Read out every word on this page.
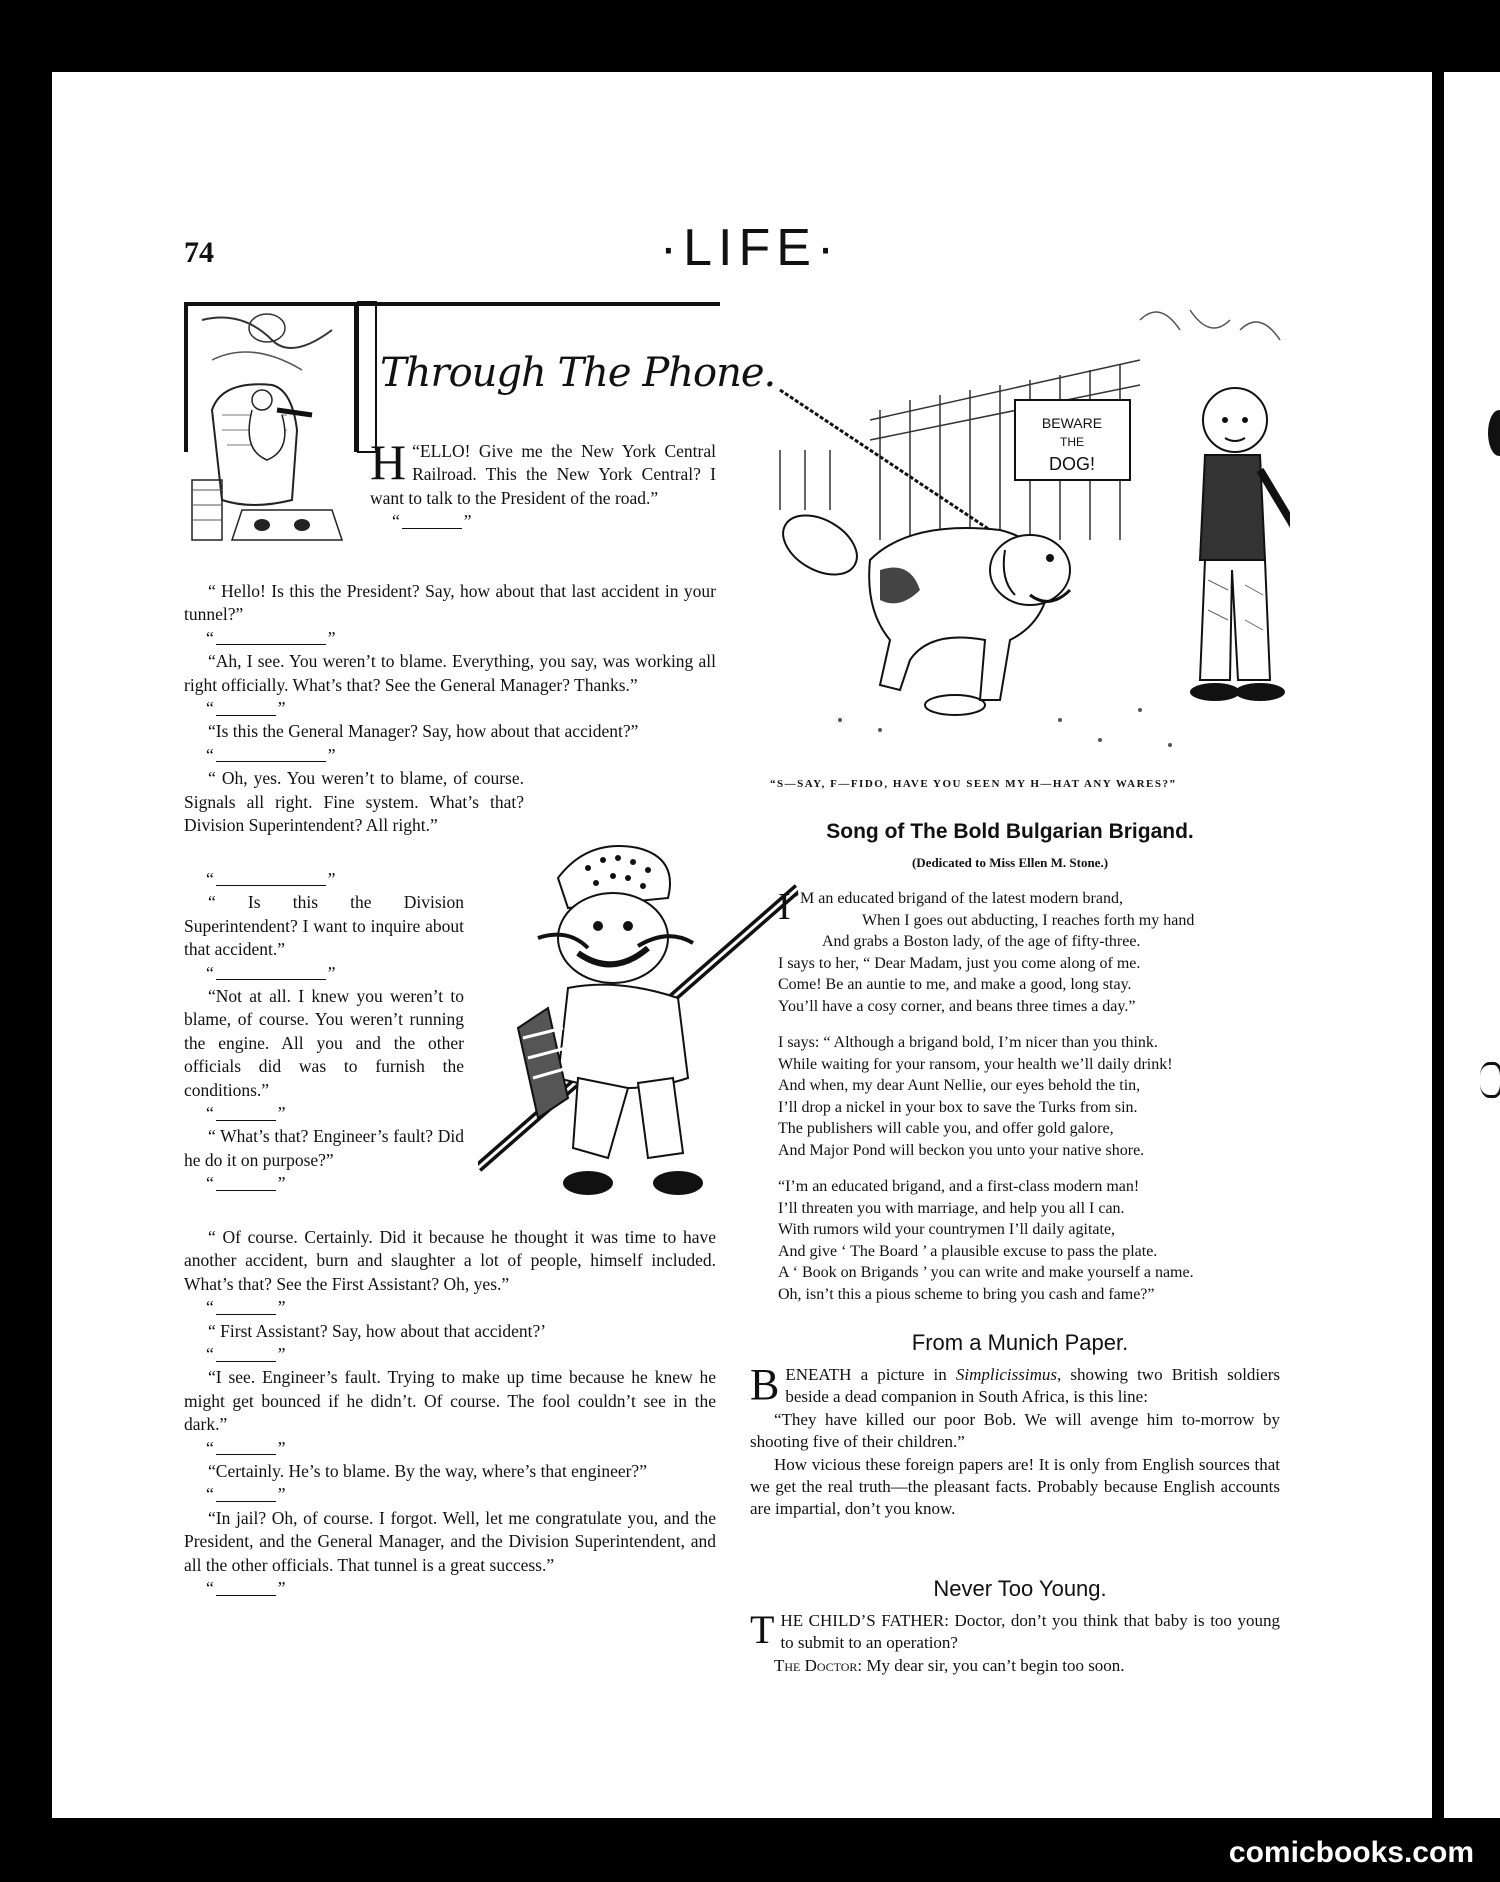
74	·LIFE·
Through The Phone.

H “ELLO! Give me the New York Central Railroad. This the New York Central? I want to talk to the President of the road.”

“	”

“ Hello! Is this the President? Say, how about that last accident in your tunnel?”

“	”

“Ah, I see. You weren’t to blame. Everything, you say, was working all right officially. What’s that? See the General Manager? Thanks.”

“	”

“Is this the General Manager? Say, how about that accident?”

“	”

“ Oh, yes. You weren’t to blame, of course. Signals all right. Fine system. What’s that? Division Superintendent? All right.”

“	”

“ Is this the Division Superintendent? I want to inquire about that accident.”

“	”

“Not at all. I knew you weren’t to blame, of course. You weren’t running the engine. All you and the other officials did was to furnish the conditions.”

“	”

“ What’s that? Engineer’s fault? Did he do it on purpose?”

“	”

“ Of course. Certainly. Did it because he thought it was time to have another accident, burn and slaughter a lot of people, himself included. What’s that? See the First Assistant? Oh, yes.”

“	”

“ First Assistant? Say, how about that accident?’

“	”

“I see. Engineer’s fault. Trying to make up time because he knew he might get bounced if he didn’t. Of course. The fool couldn’t see in the dark.”

“	”

“Certainly. He’s to blame. By the way, where’s that engineer?”

“	”

“In jail? Oh, of course. I forgot. Well, let me congratulate you, and the President, and the General Manager, and the Division Superintendent, and all the other officials. That tunnel is a great success.”

“	”

BEWARE
THE
DOG!
“S—SAY, F—FIDO, HAVE YOU SEEN MY H—HAT ANY WARES?”
Song of The Bold Bulgarian Brigand.
(Dedicated to Miss Ellen M. Stone.)

I ’M an educated brigand of the latest modern brand,

When I goes out abducting, I reaches forth my hand

And grabs a Boston lady, of the age of fifty-three.

I says to her, “ Dear Madam, just you come along of me.

Come! Be an auntie to me, and make a good, long stay.

You’ll have a cosy corner, and beans three times a day.”

I says: “ Although a brigand bold, I’m nicer than you think.

While waiting for your ransom, your health we’ll daily drink!

And when, my dear Aunt Nellie, our eyes behold the tin,

I’ll drop a nickel in your box to save the Turks from sin.

The publishers will cable you, and offer gold galore,

And Major Pond will beckon you unto your native shore.

“I’m an educated brigand, and a first-class modern man!

I’ll threaten you with marriage, and help you all I can.

With rumors wild your countrymen I’ll daily agitate,

And give ‘ The Board ’ a plausible excuse to pass the plate.

A ‘ Book on Brigands ’ you can write and make yourself a name.

Oh, isn’t this a pious scheme to bring you cash and fame?”

From a Munich Paper.

BENEATH a picture in Simplicissimus, showing two British soldiers beside a dead companion in South Africa, is this line:

“They have killed our poor Bob. We will avenge him to-morrow by shooting five of their children.”

How vicious these foreign papers are! It is only from English sources that we get the real truth—the pleasant facts. Probably because English accounts are impartial, don’t you know.

Never Too Young.

THE CHILD’S FATHER: Doctor, don’t you think that baby is too young to submit to an operation?

The Doctor: My dear sir, you can’t begin too soon.

comicbooks.com
